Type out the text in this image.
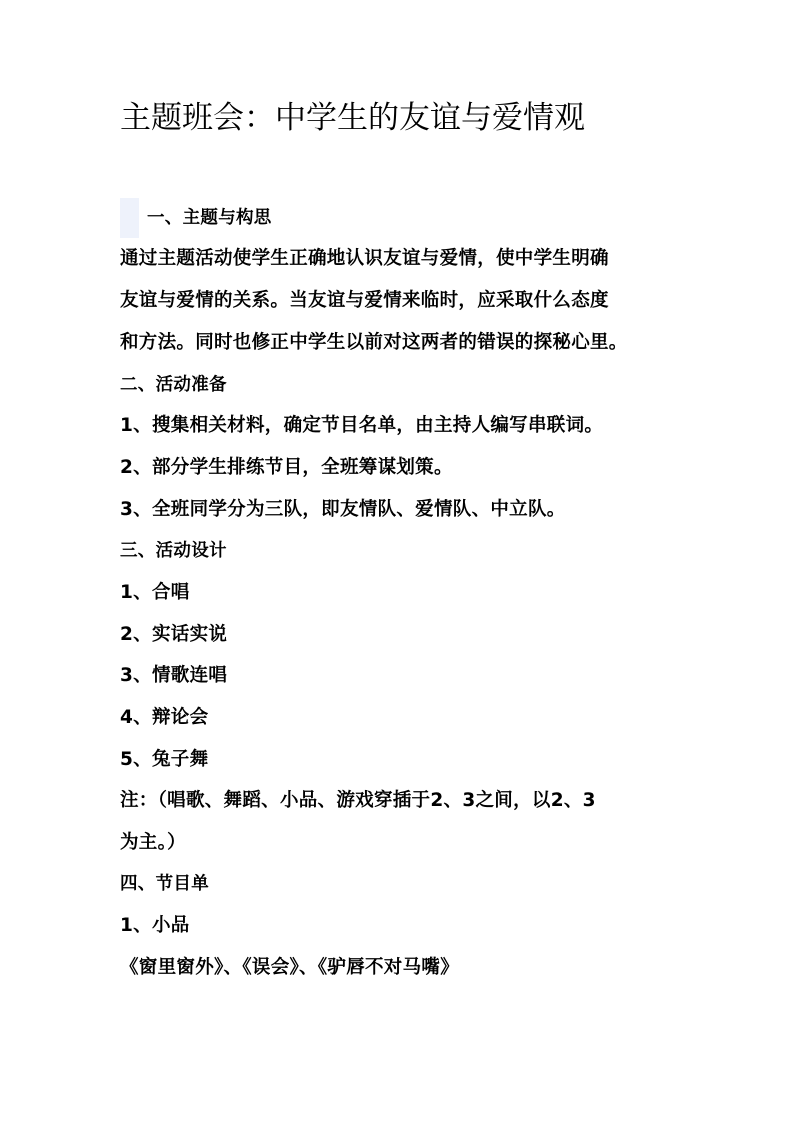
主题班会：中学生的友谊与爱情观
一、主题与构思
通过主题活动使学生正确地认识友谊与爱情，使中学生明确
友谊与爱情的关系。当友谊与爱情来临时，应采取什么态度
和方法。同时也修正中学生以前对这两者的错误的探秘心里。
二、活动准备
1、搜集相关材料，确定节目名单，由主持人编写串联词。
2、部分学生排练节目，全班筹谋划策。
3、全班同学分为三队，即友情队、爱情队、中立队。
三、活动设计
1、合唱
2、实话实说
3、情歌连唱
4、辩论会
5、兔子舞
注：（唱歌、舞蹈、小品、游戏穿插于2、3之间，以2、3
为主。）
四、节目单
1、小品
《窗里窗外》、《误会》、《驴唇不对马嘴》
